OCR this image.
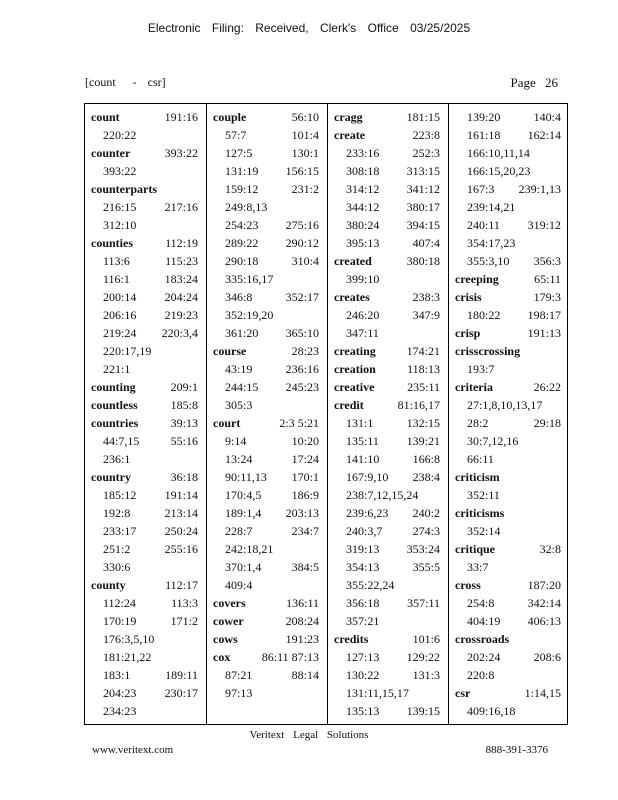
Electronic Filing: Received, Clerk's Office 03/25/2025
[count - csr]	Page 26
count	191:16
220:22
counter	393:22
393:22
counterparts
216:15 217:16
312:10
counties	112:19
113:6	115:23
116:1	183:24
200:14 204:24
206:16 219:23
219:24 220:3,4
220:17,19
221:1
counting	209:1
countless	185:8
countries	39:13
44:7,15	55:16
236:1
country	36:18
185:12 191:14
192:8	213:14
233:17 250:24
251:2	255:16
330:6
county	112:17
112:24	113:3
170:19	171:2
176:3,5,10
181:21,22
183:1	189:11
204:23 230:17
234:23
couple	56:10
57:7	101:4
127:5	130:1
131:19 156:15
159:12	231:2
249:8,13
254:23 275:16
289:22 290:12
290:18	310:4
335:16,17
346:8	352:17
352:19,20
361:20 365:10
course	28:23
43:19	236:16
244:15 245:23
305:3
court	2:3 5:21
9:14	10:20
13:24	17:24
90:11,13 170:1
170:4,5	186:9
189:1,4 203:13
228:7	234:7
242:18,21
370:1,4	384:5
409:4
covers	136:11
cower	208:24
cows	191:23
cox	86:11 87:13
87:21	88:14
97:13
cragg	181:15
create	223:8
233:16	252:3
308:18 313:15
314:12 341:12
344:12 380:17
380:24 394:15
395:13	407:4
created	380:18
399:10
creates	238:3
246:20	347:9
347:11
creating	174:21
creation	118:13
creative	235:11
credit	81:16,17
131:1	132:15
135:11 139:21
141:10	166:8
167:9,10 238:4
238:7,12,15,24
239:6,23 240:2
240:3,7	274:3
319:13 353:24
354:13	355:5
355:22,24
356:18 357:11
357:21
credits	101:6
127:13 129:22
130:22	131:3
131:11,15,17
135:13 139:15
139:20	140:4
161:18 162:14
166:10,11,14
166:15,20,23
167:3 239:1,13
239:14,21
240:11 319:12
354:17,23
355:3,10 356:3
creeping	65:11
crisis	179:3
180:22 198:17
crisp	191:13
crisscrossing
193:7
criteria	26:22
27:1,8,10,13,17
28:2	29:18
30:7,12,16
66:11
criticism
352:11
criticisms
352:14
critique	32:8
33:7
cross	187:20
254:8	342:14
404:19 406:13
crossroads
202:24	208:6
220:8
csr	1:14,15
409:16,18
Veritext Legal Solutions
www.veritext.com	888-391-3376
